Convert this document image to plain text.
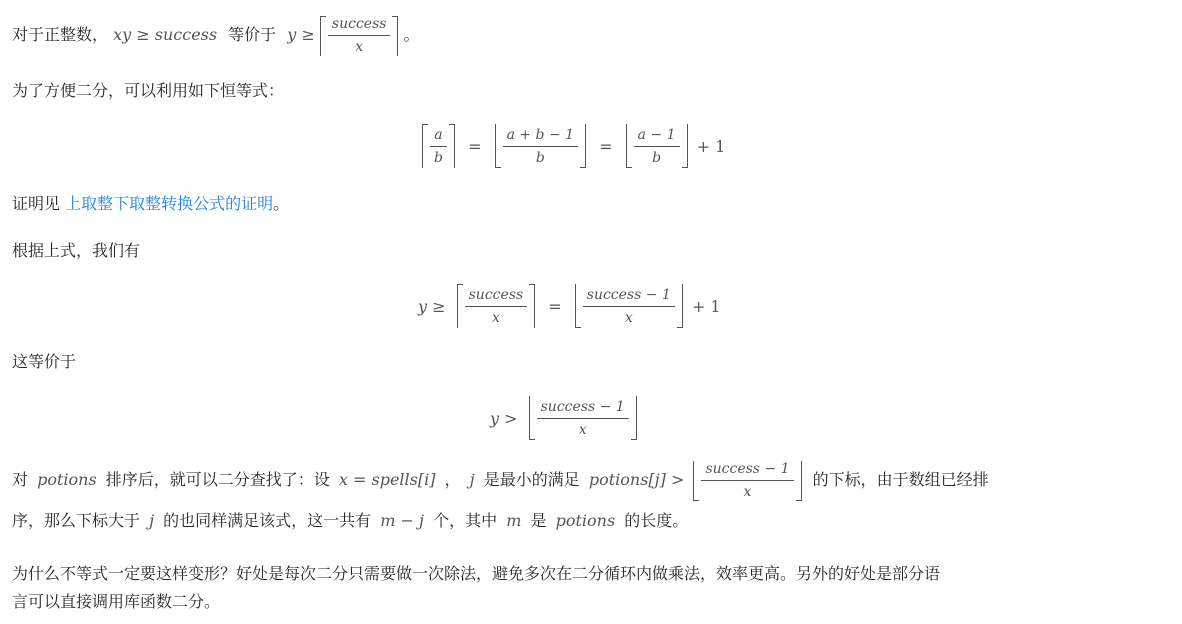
对于正整数， xy ≥ success 等价于 $y \ge \frac{\text{success}}{x}$ 。
为了方便二分，可以利用如下恒等式：
$\frac{a}{b} = \frac{a + b - 1}{b} = \frac{a - 1}{b} + 1$
证明见 上取整下取整转换公式的证明。
根据上式，我们有
$y \ge \frac{\text{success}}{x} = \frac{\text{success − 1}}{x} + 1$
这等价于
$y > \frac{\text{success − 1}}{x}$
对 potions 排序后，就可以二分查找了：设 x = spells[i] ， j 是最小的满足 potions[j] > $\frac{\text{success − 1}}{x}$ 的下标，由于数组已经排
序，那么下标大于 j 的也同样满足该式，这一共有 m − j 个，其中 m 是 potions 的长度。
为什么不等式一定要这样变形？好处是每次二分只需要做一次除法，避免多次在二分循环内做乘法，效率更高。另外的好处是部分语
言可以直接调用库函数二分。
